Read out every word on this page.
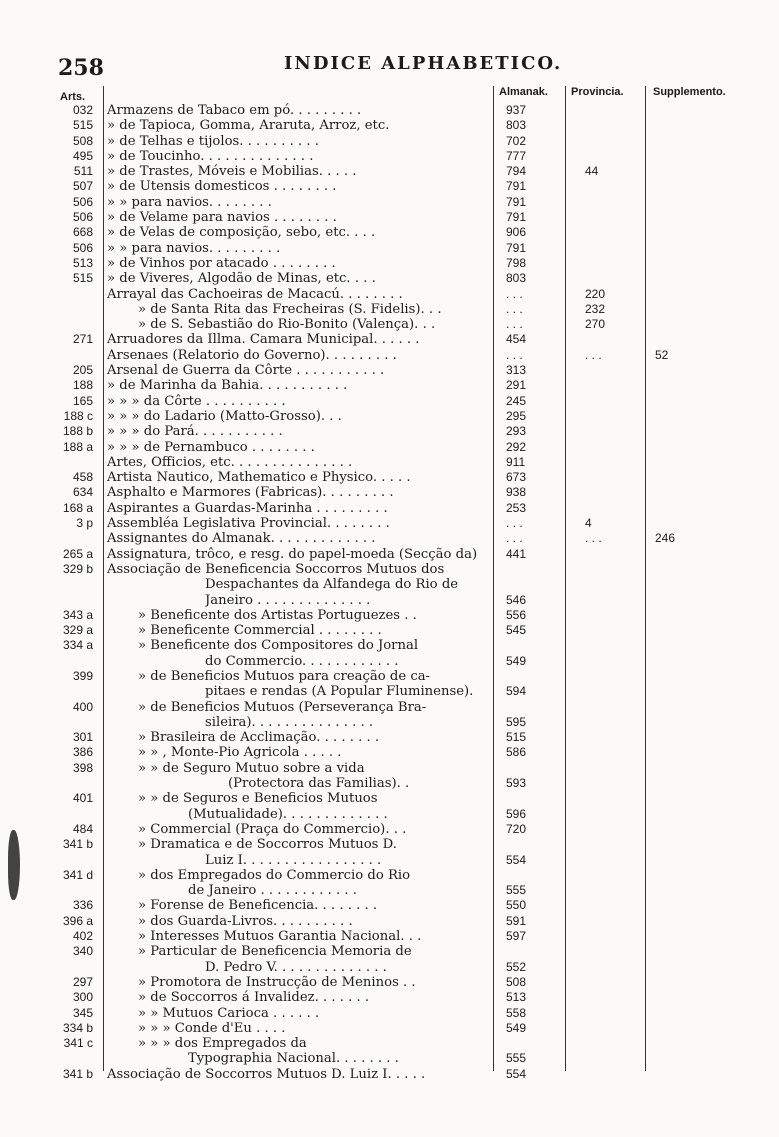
258	INDICE ALPHABETICO.
Arts.	Almanak. Provincia.	Supplemento.
032 Armazens de Tabaco em pó. . . . . . . . .	937
515 » de Tapioca, Gomma, Araruta, Arroz, etc.	803
508 » de Telhas e tijolos. . . . . . . . . .	702
495 » de Toucinho. . . . . . . . . . . . . .	777
511 » de Trastes, Móveis e Mobilias. . . . .	794	44
507 » de Utensis domesticos . . . . . . . .	791
506 » » para navios. . . . . . . .	791
506 » de Velame para navios . . . . . . . .	791
668 » de Velas de composição, sebo, etc. . . .	906
506 » » para navios. . . . . . . . .	791
513 » de Vinhos por atacado . . . . . . . .	798
515 » de Viveres, Algodão de Minas, etc. . . .	803
Arrayal das Cachoeiras de Macacú. . . . . . . .	. . .	220
» de Santa Rita das Frecheiras (S. Fidelis). . .	. . .	232
» de S. Sebastião do Rio-Bonito (Valença). . .	. . .	270
271 Arruadores da Illma. Camara Municipal. . . . . .	454
Arsenaes (Relatorio do Governo). . . . . . . . .	. . .	. . .	52
205 Arsenal de Guerra da Côrte . . . . . . . . . . .	313
188 » de Marinha da Bahia. . . . . . . . . . .	291
165 » » » da Côrte . . . . . . . . . .	245
188 c » » » do Ladario (Matto-Grosso). . .	295
188 b » » » do Pará. . . . . . . . . . .	293
188 a » » » de Pernambuco . . . . . . . .	292
Artes, Officios, etc. . . . . . . . . . . . . . .	911
458 Artista Nautico, Mathematico e Physico. . . . .	673
634 Asphalto e Marmores (Fabricas). . . . . . . . .	938
168 a Aspirantes a Guardas-Marinha . . . . . . . . .	253
3 p Assembléa Legislativa Provincial. . . . . . . .	. . .	4
Assignantes do Almanak. . . . . . . . . . . . .	. . .	. . .	246
265 a Assignatura, trôco, e resg. do papel-moeda (Secção da)	441
329 b Associação de Beneficencia Soccorros Mutuos dos
Despachantes da Alfandega do Rio de
Janeiro . . . . . . . . . . . . . .	546
343 a	» Beneficente dos Artistas Portuguezes . .	556
329 a	» Beneficente Commercial . . . . . . . .	545
334 a	» Beneficente dos Compositores do Jornal
do Commercio. . . . . . . . . . . .	549
399	» de Beneficios Mutuos para creação de ca-
pitaes e rendas (A Popular Fluminense).	594
400	» de Beneficios Mutuos (Perseverança Bra-
sileira). . . . . . . . . . . . . . .	595
301	» Brasileira de Acclimação. . . . . . . .	515
386	» » , Monte-Pio Agricola . . . . .	586
398	» » de Seguro Mutuo sobre a vida
(Protectora das Familias). .	593
401	» » de Seguros e Beneficios Mutuos
(Mutualidade). . . . . . . . . . . . .	596
484	» Commercial (Praça do Commercio). . .	720
341 b	» Dramatica e de Soccorros Mutuos D.
Luiz I. . . . . . . . . . . . . . . . .	554
341 d	» dos Empregados do Commercio do Rio
de Janeiro . . . . . . . . . . . .	555
336	» Forense de Beneficencia. . . . . . . .	550
396 a	» dos Guarda-Livros. . . . . . . . . .	591
402	» Interesses Mutuos Garantia Nacional. . .	597
340	» Particular de Beneficencia Memoria de
D. Pedro V. . . . . . . . . . . . . .	552
297	» Promotora de Instrucção de Meninos . .	508
300	» de Soccorros á Invalidez. . . . . . .	513
345	» » Mutuos Carioca . . . . . .	558
334 b	» » » Conde d'Eu . . . .	549
341 c	» » » dos Empregados da
Typographia Nacional. . . . . . . .	555
341 b Associação de Soccorros Mutuos D. Luiz I. . . . .	554
